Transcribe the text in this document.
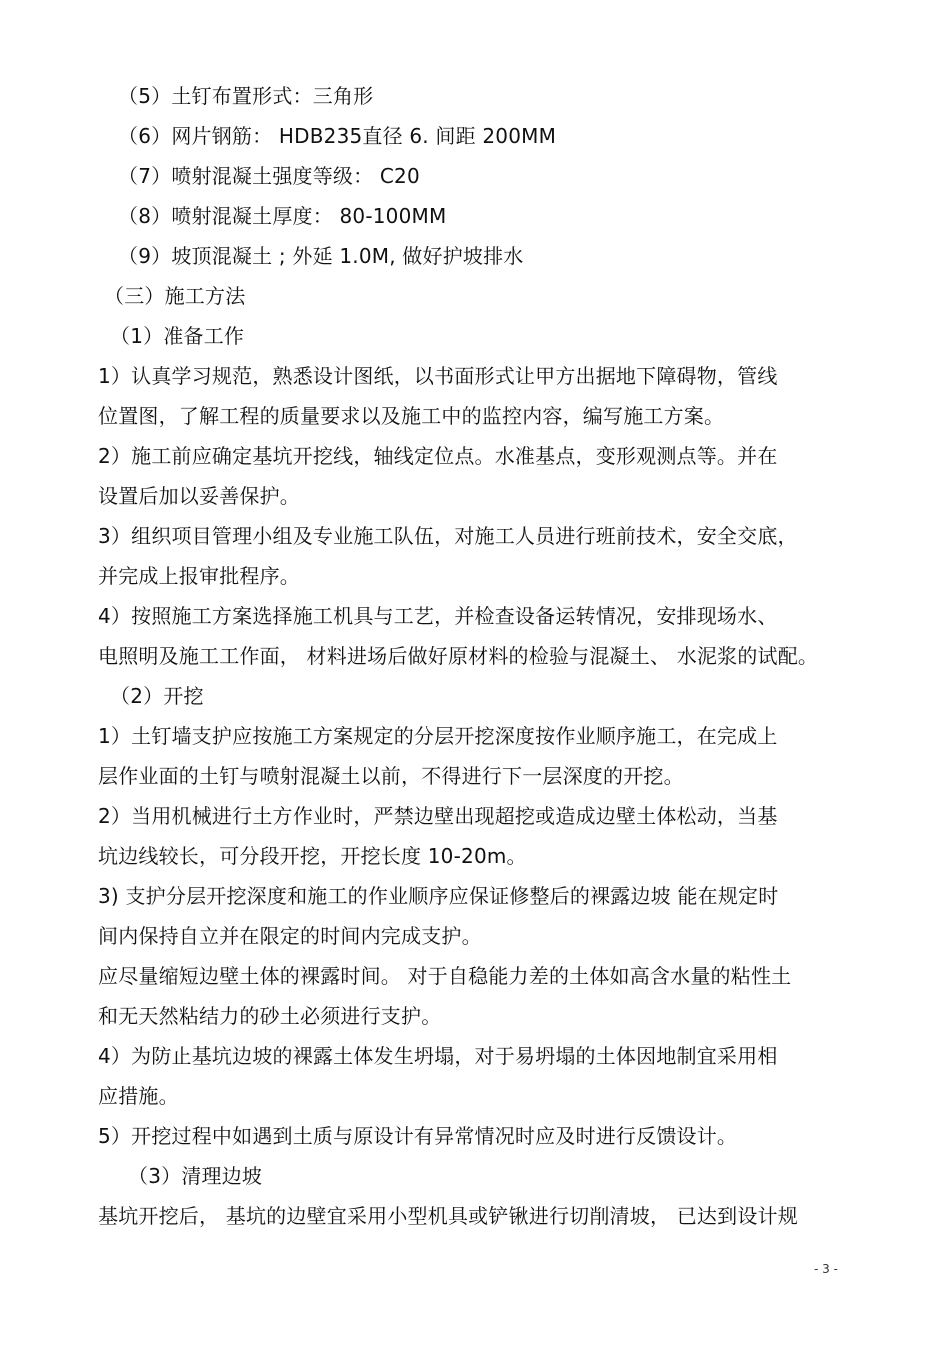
（5）土钉布置形式：三角形
（6）网片钢筋： HDB235直径 6. 间距 200MM
（7）喷射混凝土强度等级： C20
（8）喷射混凝土厚度： 80-100MM
（9）坡顶混凝土 ; 外延 1.0M, 做好护坡排水
（三）施工方法
（1）准备工作
1）认真学习规范，熟悉设计图纸，以书面形式让甲方出据地下障碍物，管线
位置图，了解工程的质量要求以及施工中的监控内容，编写施工方案。
2）施工前应确定基坑开挖线，轴线定位点。水准基点，变形观测点等。并在
设置后加以妥善保护。
3）组织项目管理小组及专业施工队伍，对施工人员进行班前技术，安全交底，
并完成上报审批程序。
4）按照施工方案选择施工机具与工艺，并检查设备运转情况，安排现场水、
电照明及施工工作面， 材料进场后做好原材料的检验与混凝土、 水泥浆的试配。
（2）开挖
1）土钉墙支护应按施工方案规定的分层开挖深度按作业顺序施工，在完成上
层作业面的土钉与喷射混凝土以前，不得进行下一层深度的开挖。
2）当用机械进行土方作业时，严禁边壁出现超挖或造成边壁土体松动，当基
坑边线较长，可分段开挖，开挖长度 10-20m。
3) 支护分层开挖深度和施工的作业顺序应保证修整后的裸露边坡 能在规定时
间内保持自立并在限定的时间内完成支护。
应尽量缩短边壁土体的裸露时间。 对于自稳能力差的土体如高含水量的粘性土
和无天然粘结力的砂土必须进行支护。
4）为防止基坑边坡的裸露土体发生坍塌，对于易坍塌的土体因地制宜采用相
应措施。
5）开挖过程中如遇到土质与原设计有异常情况时应及时进行反馈设计。
（3）清理边坡
基坑开挖后， 基坑的边壁宜采用小型机具或铲锹进行切削清坡， 已达到设计规
- 3 -
